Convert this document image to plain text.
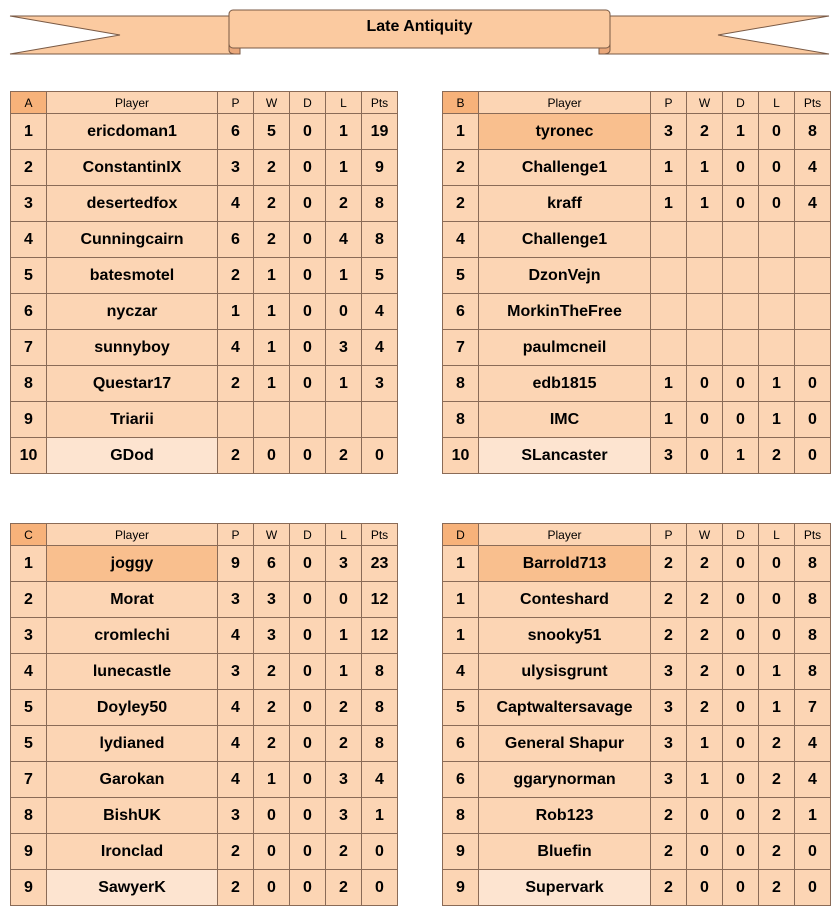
Late Antiquity
A	Player	P	W	D	L	Pts
1	ericdoman1	6	5	0	1	19
2	ConstantinIX	3	2	0	1	9
3	desertedfox	4	2	0	2	8
4	Cunningcairn	6	2	0	4	8
5	batesmotel	2	1	0	1	5
6	nyczar	1	1	0	0	4
7	sunnyboy	4	1	0	3	4
8	Questar17	2	1	0	1	3
9	Triarii					
10	GDod	2	0	0	2	0
B	Player	P	W	D	L	Pts
1	tyronec	3	2	1	0	8
2	Challenge1	1	1	0	0	4
2	kraff	1	1	0	0	4
4	Challenge1					
5	DzonVejn					
6	MorkinTheFree					
7	paulmcneil					
8	edb1815	1	0	0	1	0
8	IMC	1	0	0	1	0
10	SLancaster	3	0	1	2	0
C	Player	P	W	D	L	Pts
1	joggy	9	6	0	3	23
2	Morat	3	3	0	0	12
3	cromlechi	4	3	0	1	12
4	lunecastle	3	2	0	1	8
5	Doyley50	4	2	0	2	8
5	lydianed	4	2	0	2	8
7	Garokan	4	1	0	3	4
8	BishUK	3	0	0	3	1
9	Ironclad	2	0	0	2	0
9	SawyerK	2	0	0	2	0
D	Player	P	W	D	L	Pts
1	Barrold713	2	2	0	0	8
1	Conteshard	2	2	0	0	8
1	snooky51	2	2	0	0	8
4	ulysisgrunt	3	2	0	1	8
5	Captwaltersavage	3	2	0	1	7
6	General Shapur	3	1	0	2	4
6	ggarynorman	3	1	0	2	4
8	Rob123	2	0	0	2	1
9	Bluefin	2	0	0	2	0
9	Supervark	2	0	0	2	0
